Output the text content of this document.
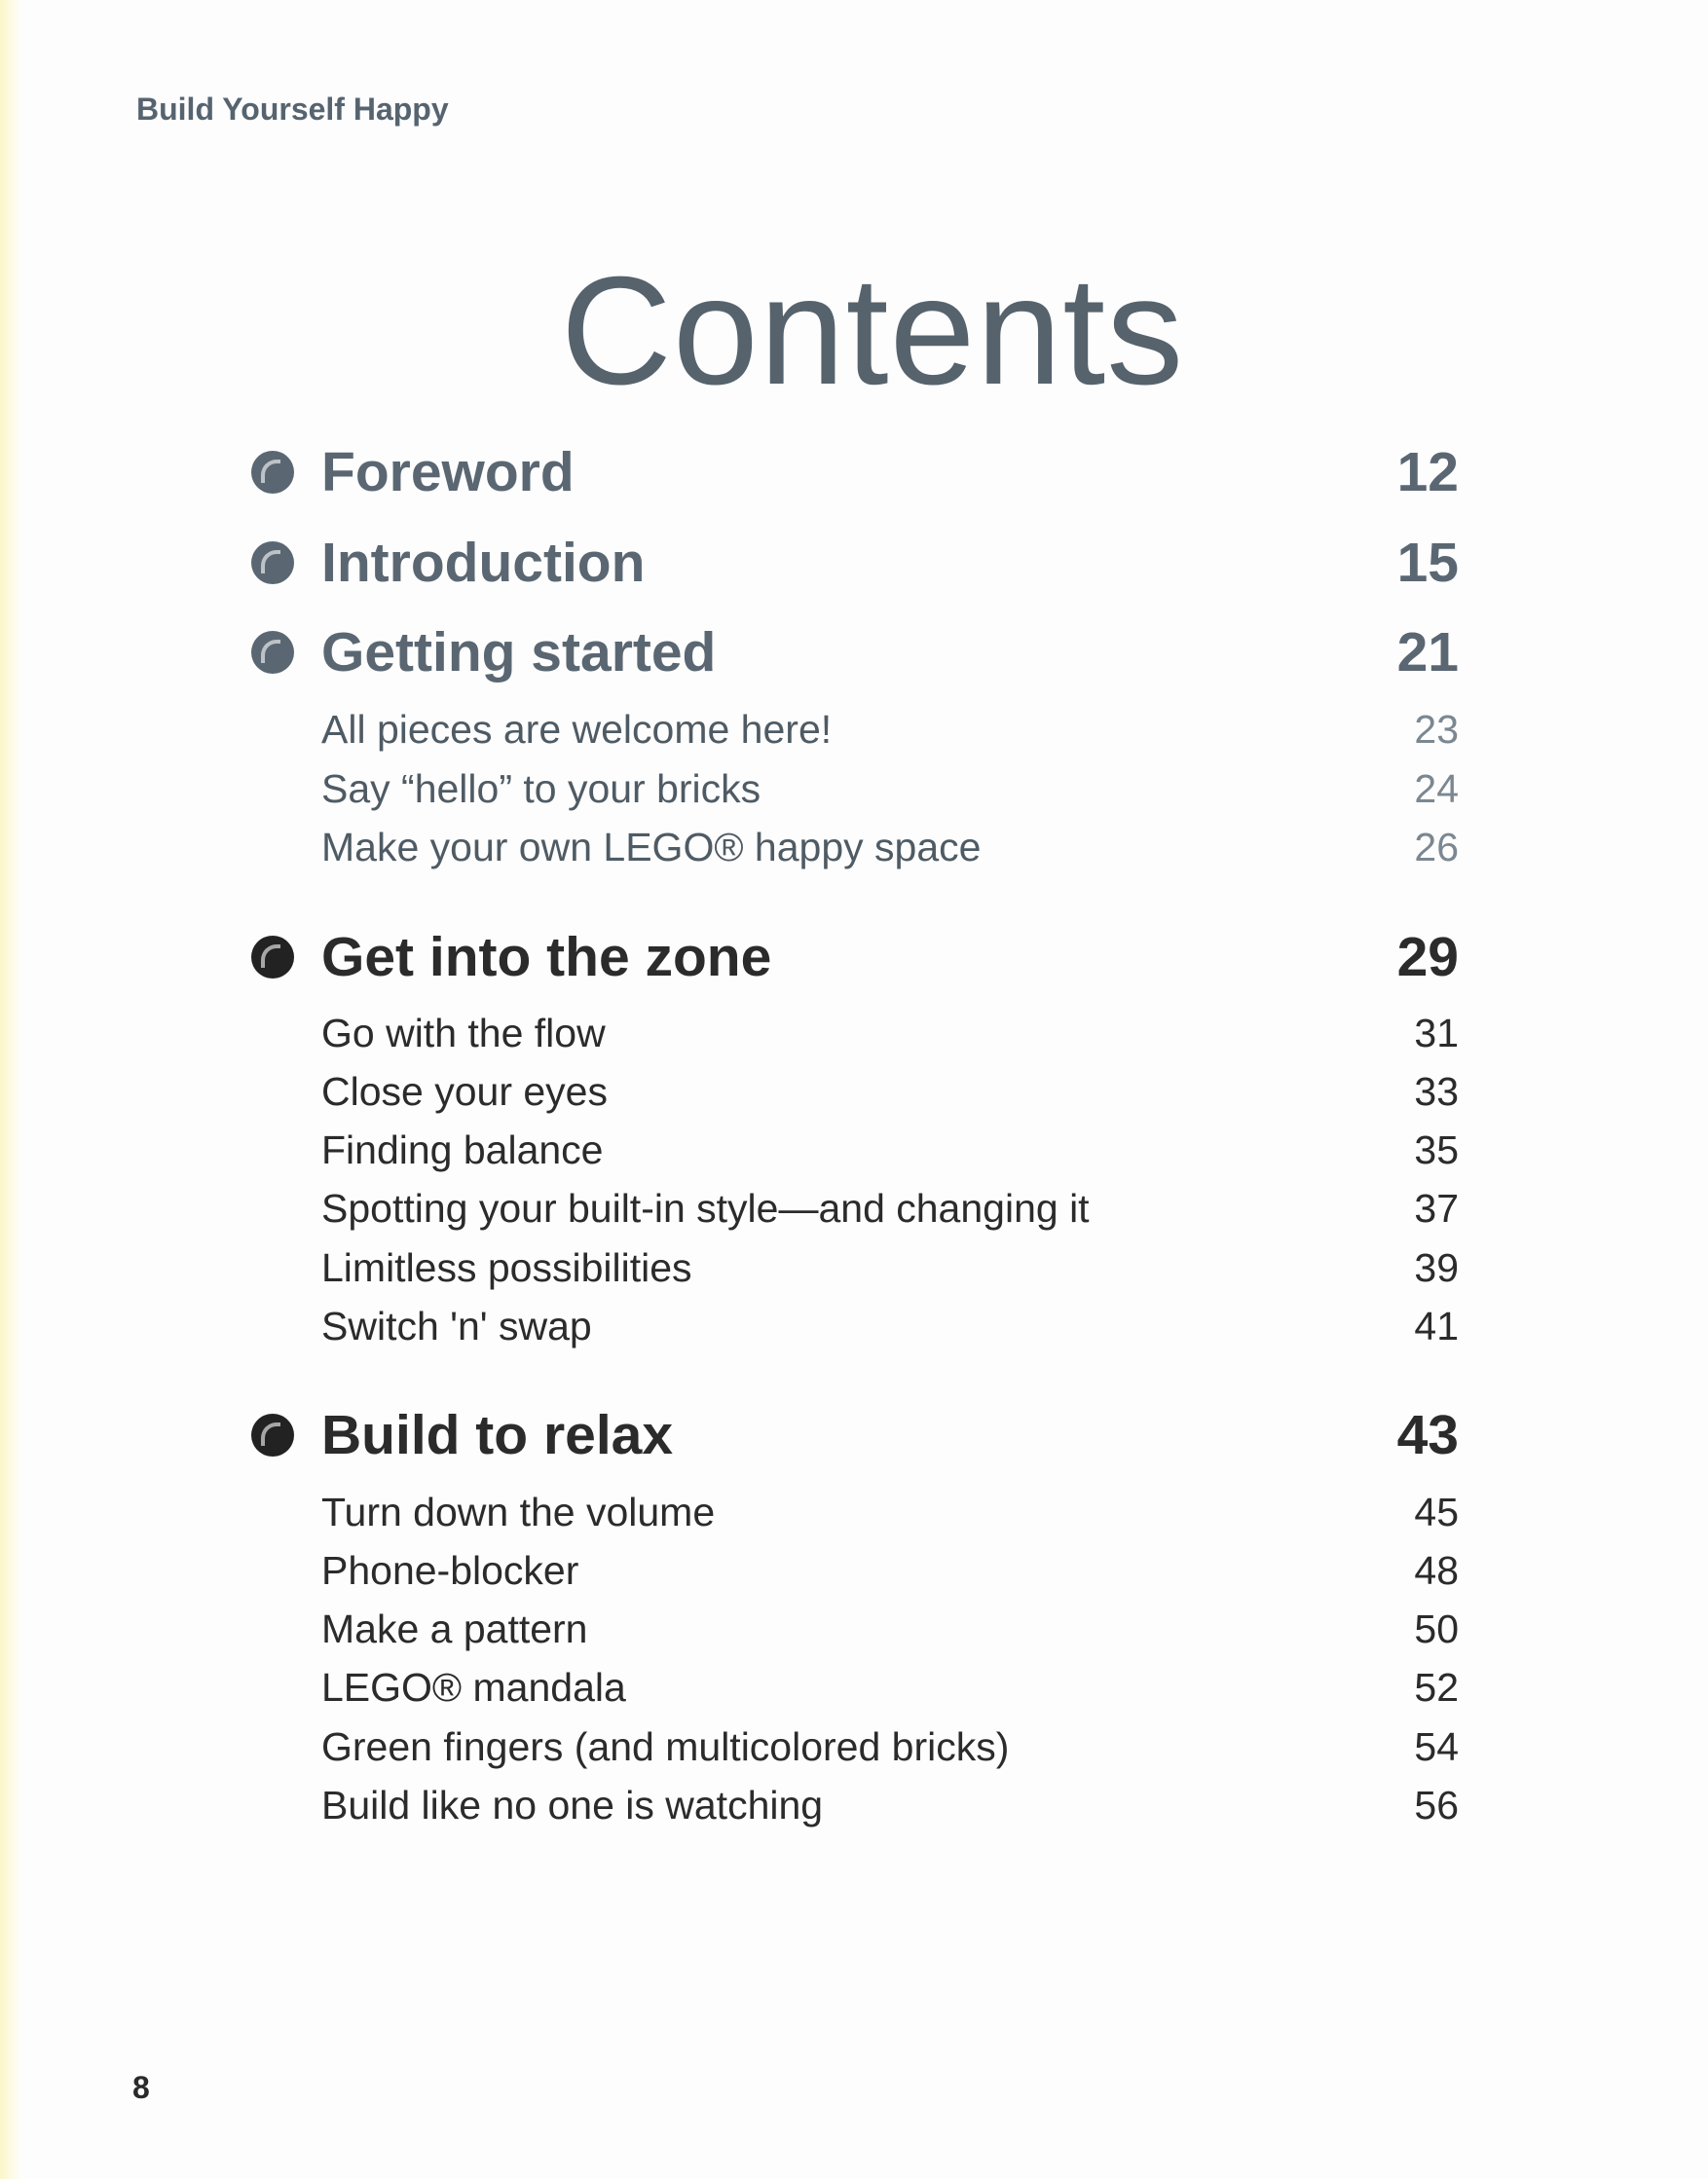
Build Yourself Happy
Contents
Foreword	12
Introduction	15
Getting started	21
All pieces are welcome here!	23
Say “hello” to your bricks	24
Make your own LEGO® happy space	26
Get into the zone	29
Go with the flow	31
Close your eyes	33
Finding balance	35
Spotting your built-in style—and changing it	37
Limitless possibilities	39
Switch 'n' swap	41
Build to relax	43
Turn down the volume	45
Phone-blocker	48
Make a pattern	50
LEGO® mandala	52
Green fingers (and multicolored bricks)	54
Build like no one is watching	56
8
